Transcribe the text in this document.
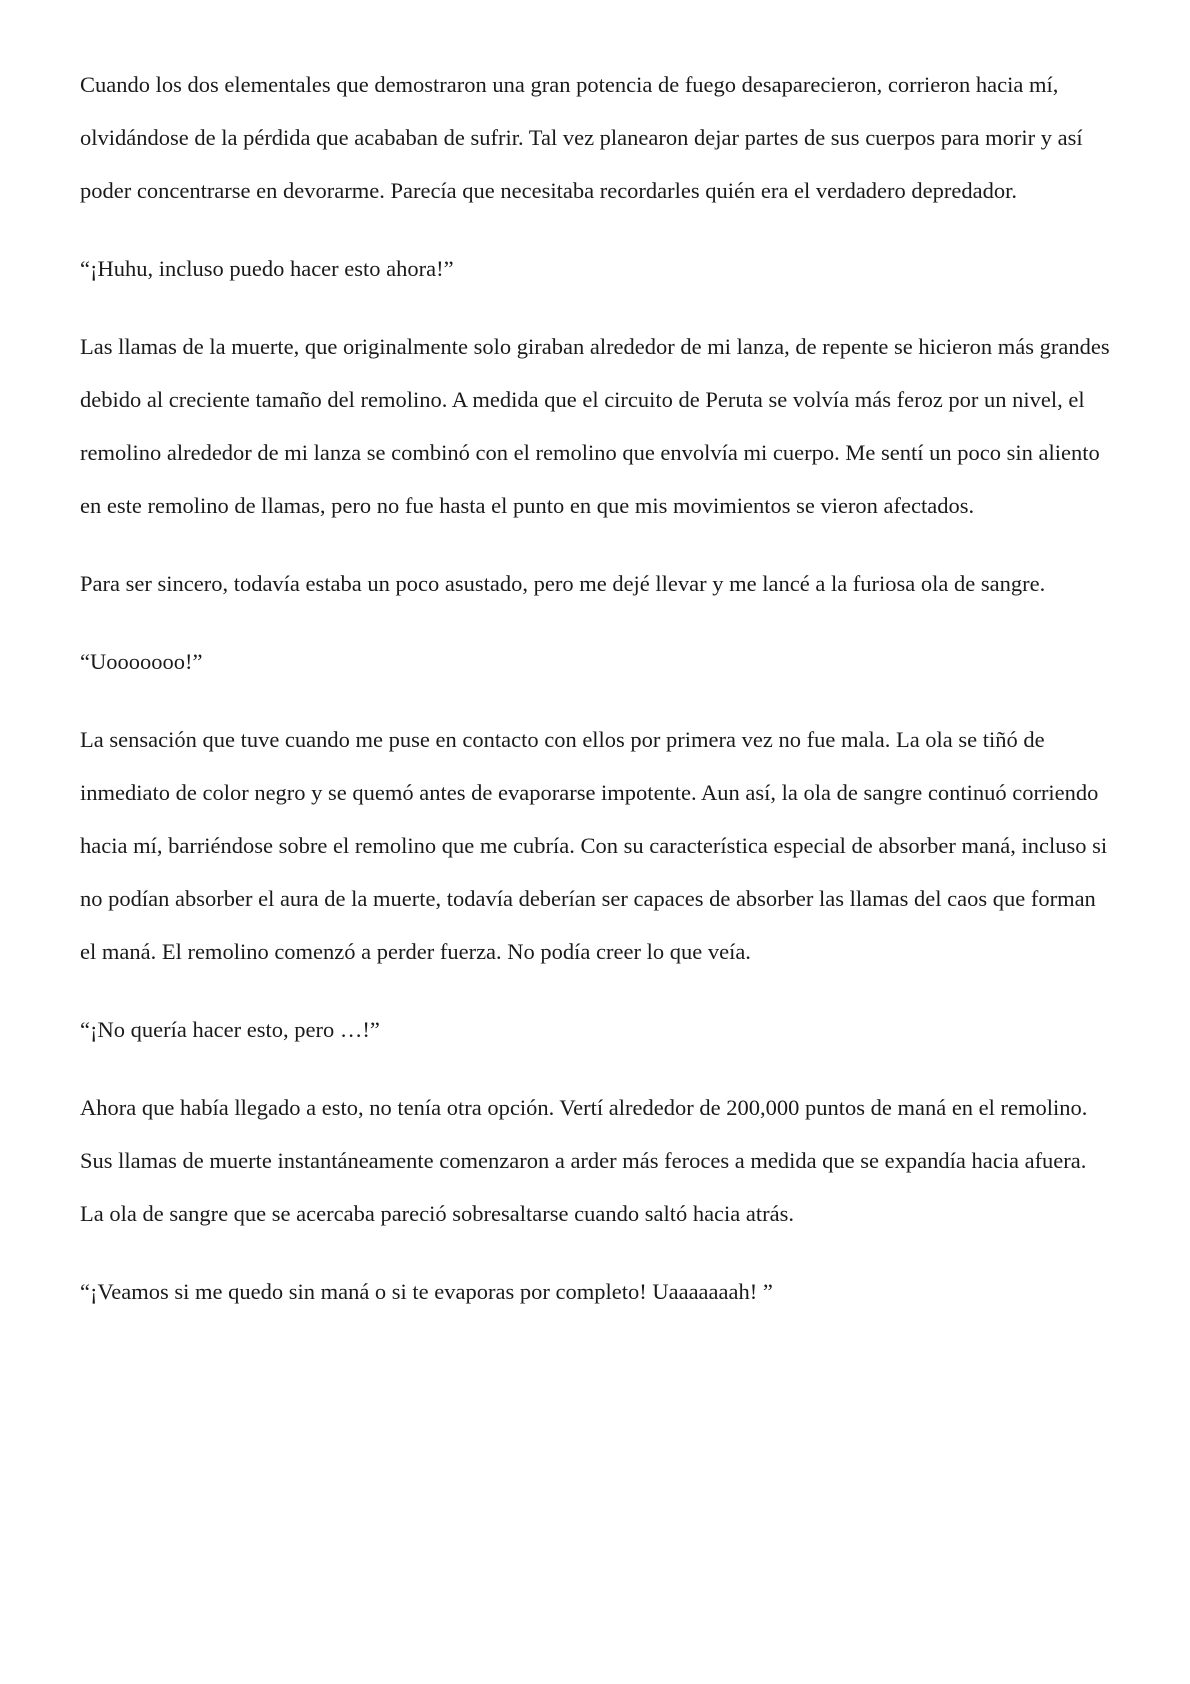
Cuando los dos elementales que demostraron una gran potencia de fuego desaparecieron, corrieron hacia mí, olvidándose de la pérdida que acababan de sufrir. Tal vez planearon dejar partes de sus cuerpos para morir y así poder concentrarse en devorarme. Parecía que necesitaba recordarles quién era el verdadero depredador.

“¡Huhu, incluso puedo hacer esto ahora!”

Las llamas de la muerte, que originalmente solo giraban alrededor de mi lanza, de repente se hicieron más grandes debido al creciente tamaño del remolino. A medida que el circuito de Peruta se volvía más feroz por un nivel, el remolino alrededor de mi lanza se combinó con el remolino que envolvía mi cuerpo. Me sentí un poco sin aliento en este remolino de llamas, pero no fue hasta el punto en que mis movimientos se vieron afectados.

Para ser sincero, todavía estaba un poco asustado, pero me dejé llevar y me lancé a la furiosa ola de sangre.

“Uooooooo!”

La sensación que tuve cuando me puse en contacto con ellos por primera vez no fue mala. La ola se tiñó de inmediato de color negro y se quemó antes de evaporarse impotente. Aun así, la ola de sangre continuó corriendo hacia mí, barriéndose sobre el remolino que me cubría. Con su característica especial de absorber maná, incluso si no podían absorber el aura de la muerte, todavía deberían ser capaces de absorber las llamas del caos que forman el maná. El remolino comenzó a perder fuerza. No podía creer lo que veía.

“¡No quería hacer esto, pero …!”

Ahora que había llegado a esto, no tenía otra opción. Vertí alrededor de 200,000 puntos de maná en el remolino. Sus llamas de muerte instantáneamente comenzaron a arder más feroces a medida que se expandía hacia afuera. La ola de sangre que se acercaba pareció sobresaltarse cuando saltó hacia atrás.

“¡Veamos si me quedo sin maná o si te evaporas por completo! Uaaaaaaah! ”
